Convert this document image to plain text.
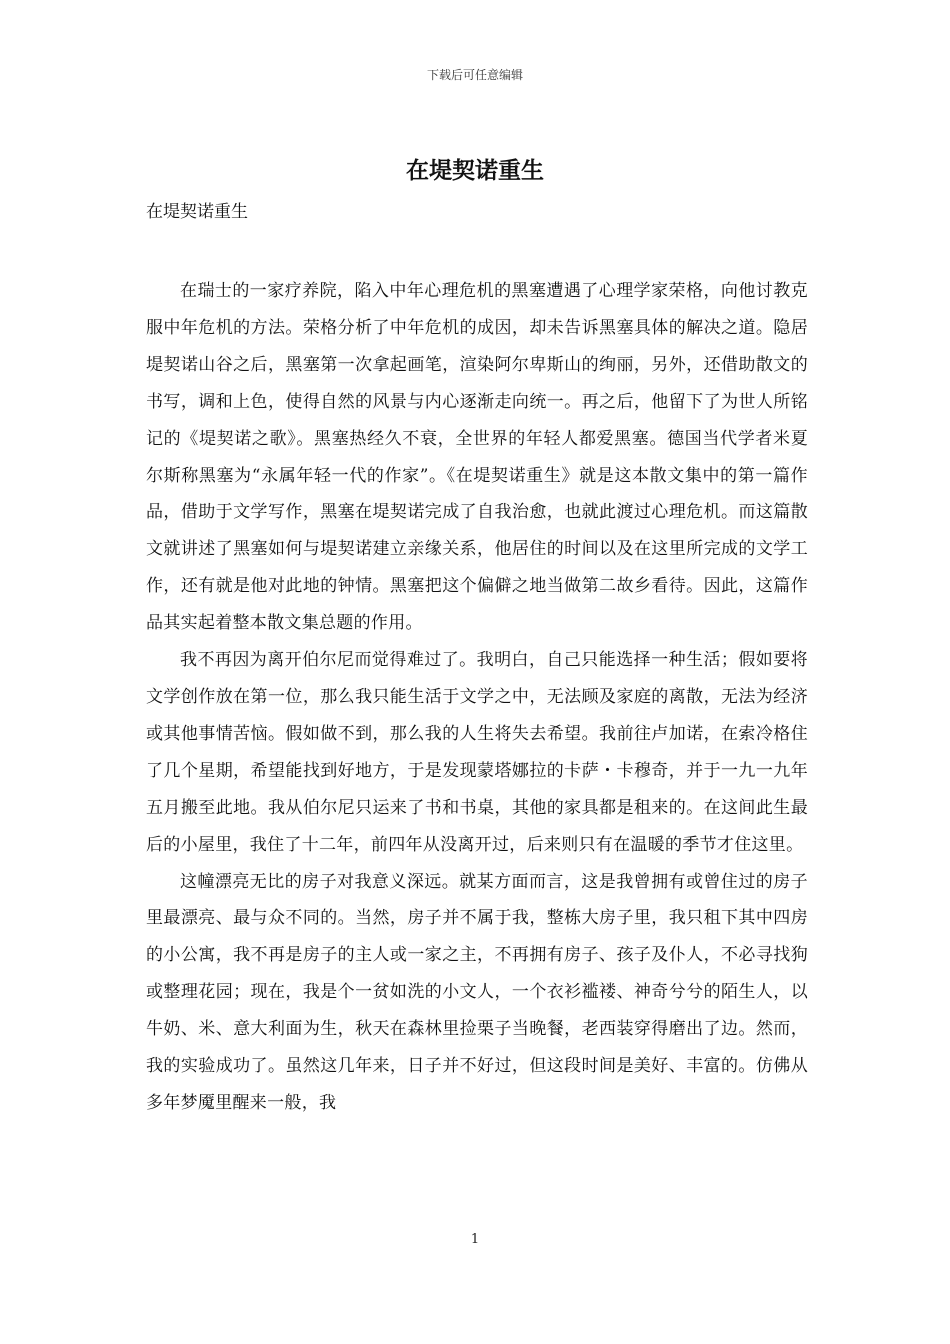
下载后可任意编辑
在堤契诺重生

在堤契诺重生

在瑞士的一家疗养院，陷入中年心理危机的黑塞遭遇了心理学家荣格，向他讨教克服中年危机的方法。荣格分析了中年危机的成因，却未告诉黑塞具体的解决之道。隐居堤契诺山谷之后，黑塞第一次拿起画笔，渲染阿尔卑斯山的绚丽，另外，还借助散文的书写，调和上色，使得自然的风景与内心逐渐走向统一。再之后，他留下了为世人所铭记的《堤契诺之歌》。黑塞热经久不衰，全世界的年轻人都爱黑塞。德国当代学者米夏尔斯称黑塞为“永属年轻一代的作家”。《在堤契诺重生》就是这本散文集中的第一篇作品，借助于文学写作，黑塞在堤契诺完成了自我治愈，也就此渡过心理危机。而这篇散文就讲述了黑塞如何与堤契诺建立亲缘关系，他居住的时间以及在这里所完成的文学工作，还有就是他对此地的钟情。黑塞把这个偏僻之地当做第二故乡看待。因此，这篇作品其实起着整本散文集总题的作用。

我不再因为离开伯尔尼而觉得难过了。我明白，自己只能选择一种生活；假如要将文学创作放在第一位，那么我只能生活于文学之中，无法顾及家庭的离散，无法为经济或其他事情苦恼。假如做不到，那么我的人生将失去希望。我前往卢加诺，在索冷格住了几个星期，希望能找到好地方，于是发现蒙塔娜拉的卡萨・卡穆奇，并于一九一九年五月搬至此地。我从伯尔尼只运来了书和书桌，其他的家具都是租来的。在这间此生最后的小屋里，我住了十二年，前四年从没离开过，后来则只有在温暖的季节才住这里。

这幢漂亮无比的房子对我意义深远。就某方面而言，这是我曾拥有或曾住过的房子里最漂亮、最与众不同的。当然，房子并不属于我，整栋大房子里，我只租下其中四房的小公寓，我不再是房子的主人或一家之主，不再拥有房子、孩子及仆人，不必寻找狗或整理花园；现在，我是个一贫如洗的小文人，一个衣衫褴褛、神奇兮兮的陌生人，以牛奶、米、意大利面为生，秋天在森林里捡栗子当晚餐，老西装穿得磨出了边。然而，我的实验成功了。虽然这几年来，日子并不好过，但这段时间是美好、丰富的。仿佛从多年梦魇里醒来一般，我

1
